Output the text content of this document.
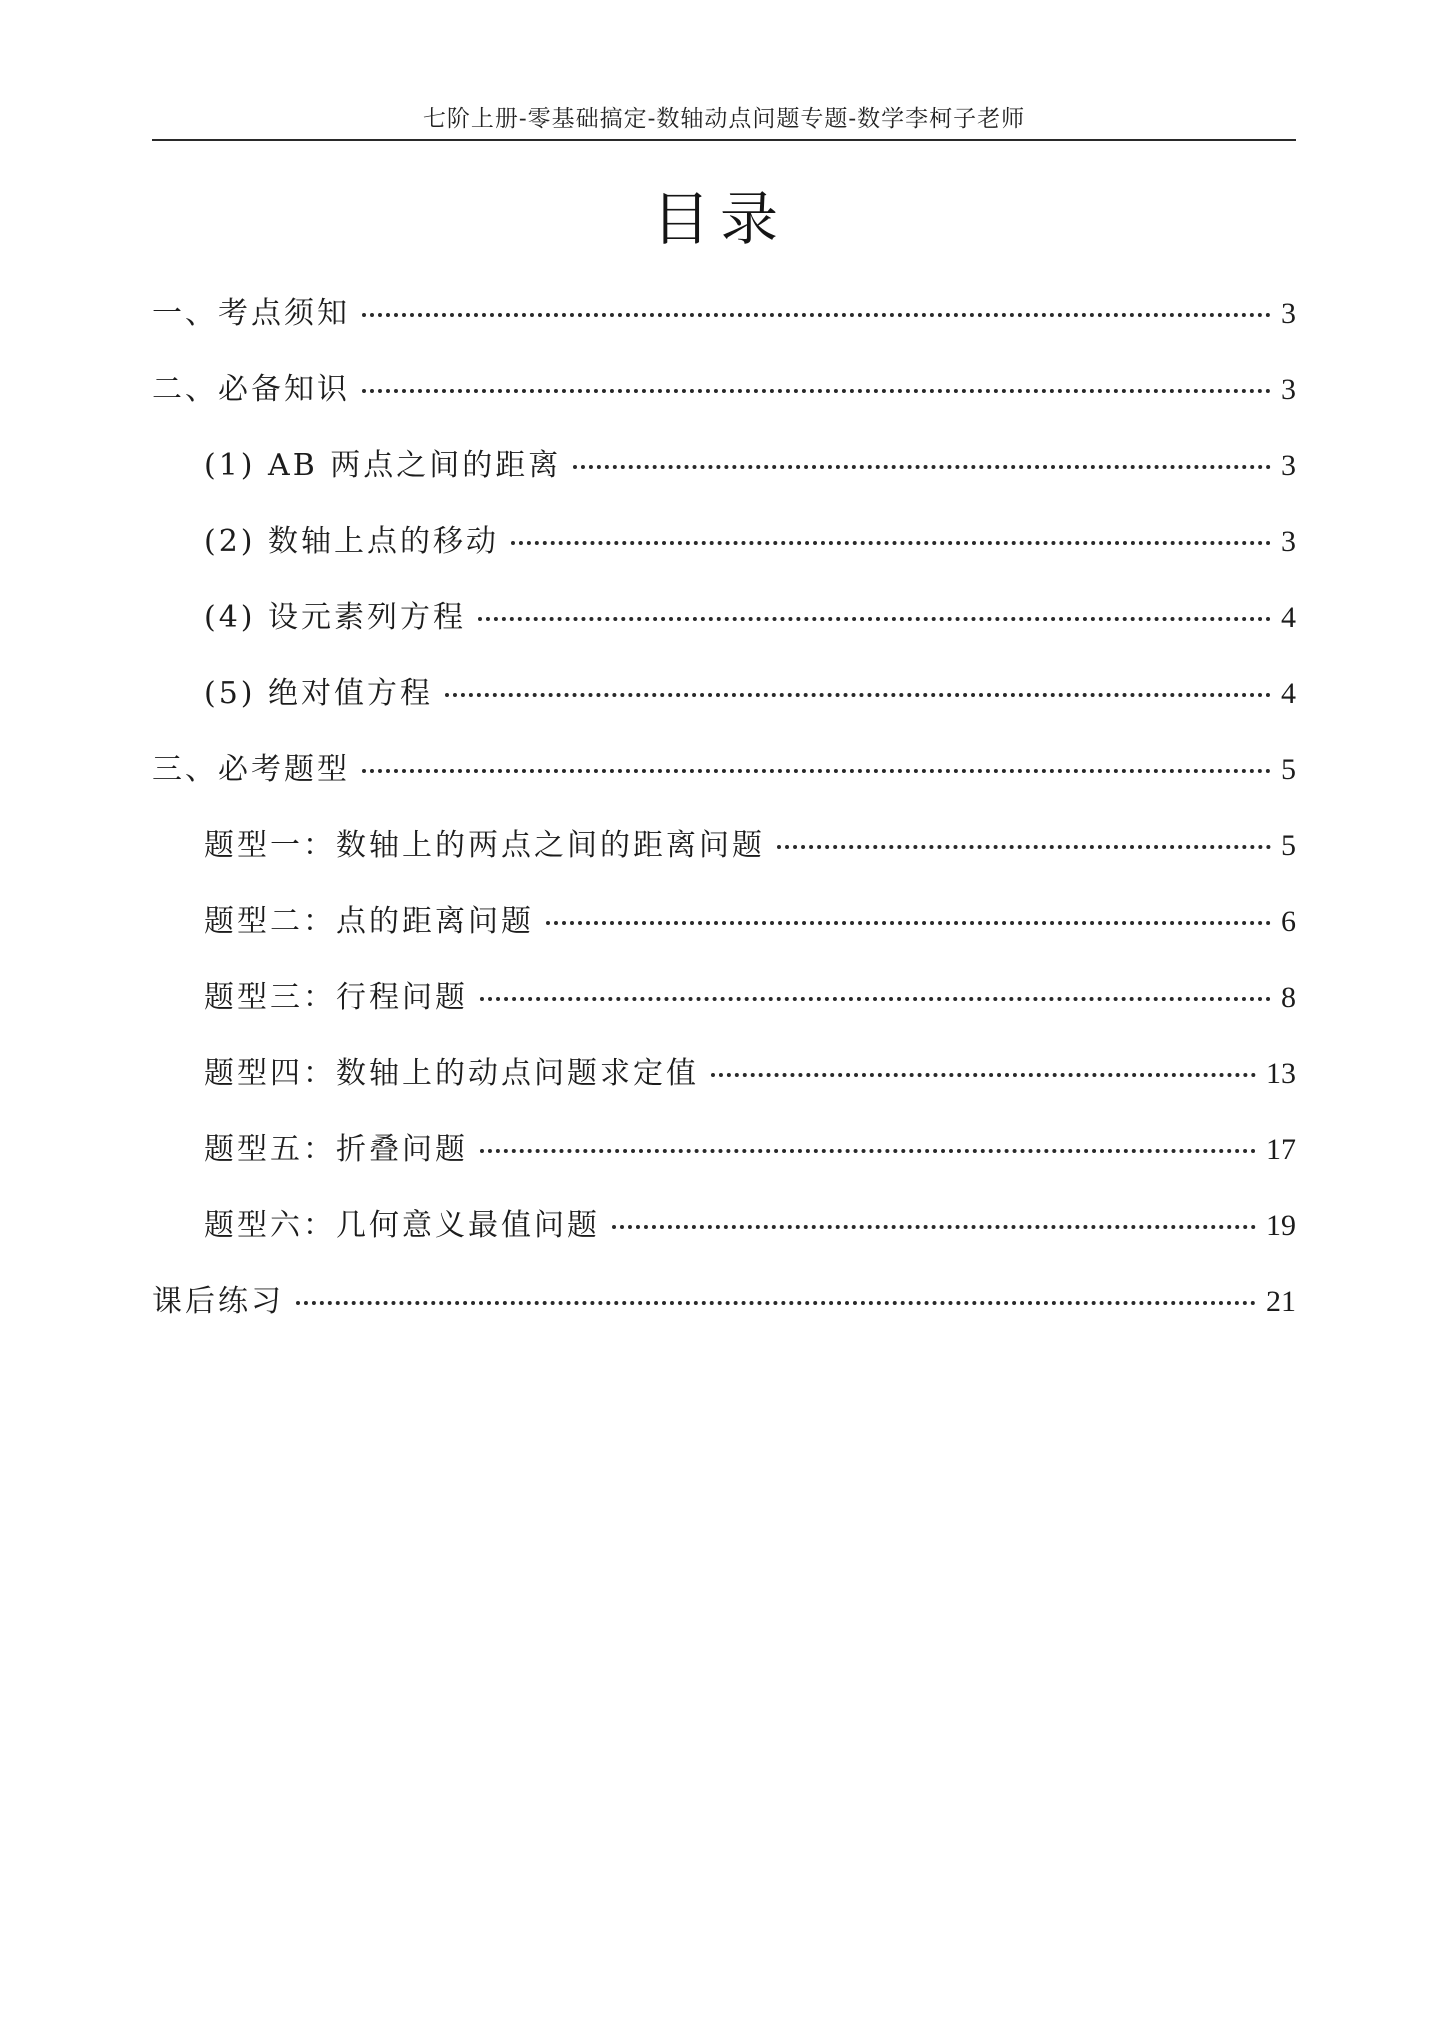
七阶上册-零基础搞定-数轴动点问题专题-数学李柯子老师
目录
一、考点须知	3
二、必备知识	3
(1) AB 两点之间的距离	3
(2) 数轴上点的移动	3
(4) 设元素列方程	4
(5) 绝对值方程	4
三、必考题型	5
题型一：数轴上的两点之间的距离问题	5
题型二：点的距离问题	6
题型三：行程问题	8
题型四：数轴上的动点问题求定值	13
题型五：折叠问题	17
题型六：几何意义最值问题	19
课后练习	21
